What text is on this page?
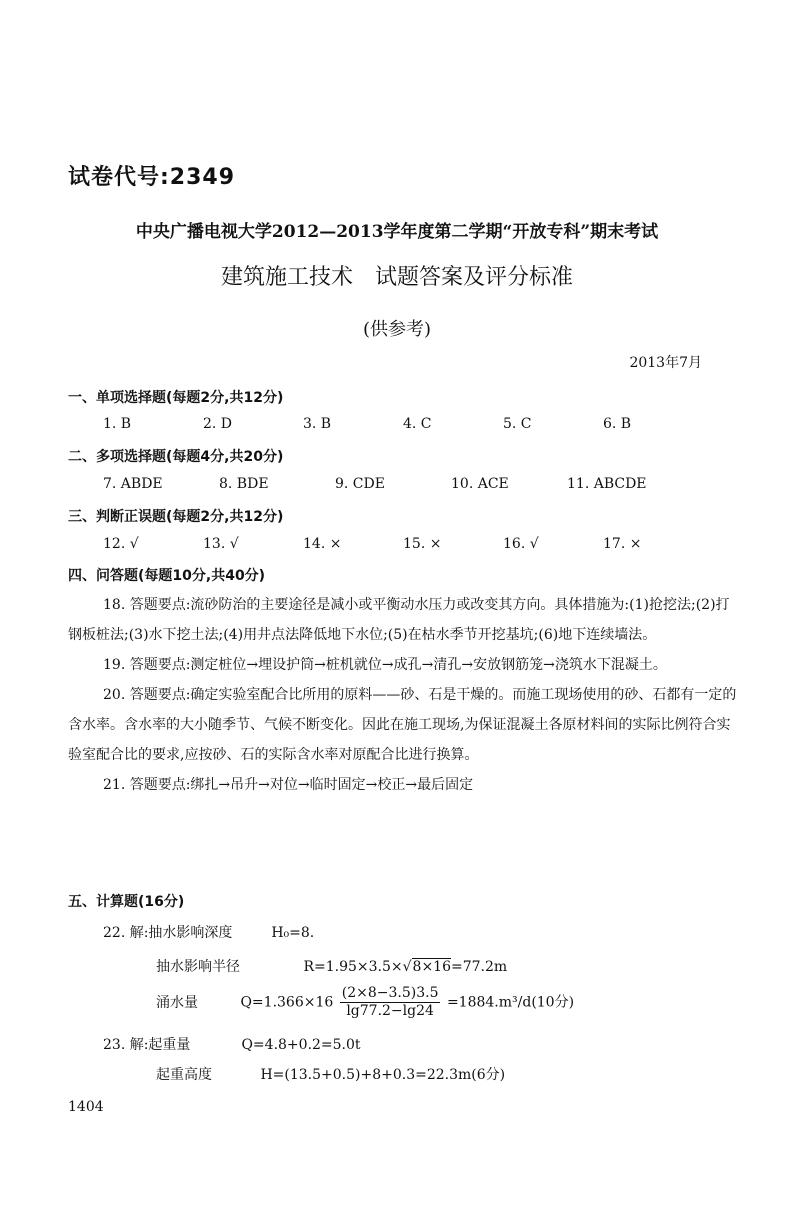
试卷代号:2349
中央广播电视大学2012—2013学年度第二学期“开放专科”期末考试
建筑施工技术　试题答案及评分标准
(供参考)
2013年7月
一、单项选择题(每题2分,共12分)
1. B	2. D	3. B	4. C	5. C	6. B
二、多项选择题(每题4分,共20分)
7. ABDE	8. BDE	9. CDE	10. ACE	11. ABCDE
三、判断正误题(每题2分,共12分)
12. √	13. √	14. ×	15. ×	16. √	17. ×
四、问答题(每题10分,共40分)

18. 答题要点:流砂防治的主要途径是减小或平衡动水压力或改变其方向。具体措施为:(1)抢挖法;(2)打钢板桩法;(3)水下挖土法;(4)用井点法降低地下水位;(5)在枯水季节开挖基坑;(6)地下连续墙法。

19. 答题要点:测定桩位→埋设护筒→桩机就位→成孔→清孔→安放钢筋笼→浇筑水下混凝土。

20. 答题要点:确定实验室配合比所用的原料——砂、石是干燥的。而施工现场使用的砂、石都有一定的含水率。含水率的大小随季节、气候不断变化。因此在施工现场,为保证混凝土各原材料间的实际比例符合实验室配合比的要求,应按砂、石的实际含水率对原配合比进行换算。

21. 答题要点:绑扎→吊升→对位→临时固定→校正→最后固定

五、计算题(16分)
22. 解:抽水影响深度	H₀=8.
抽水影响半径	R=1.95×3.5×√8×16=77.2m
涌水量	$Q=1.366\times 16 \frac{(2\times 8-3.5)3.5}{\lg 77.2-\lg 24} =1884.m^3/d(10$分)
23. 解:起重量	Q=4.8+0.2=5.0t
起重高度	H=(13.5+0.5)+8+0.3=22.3m(6分)
1404
